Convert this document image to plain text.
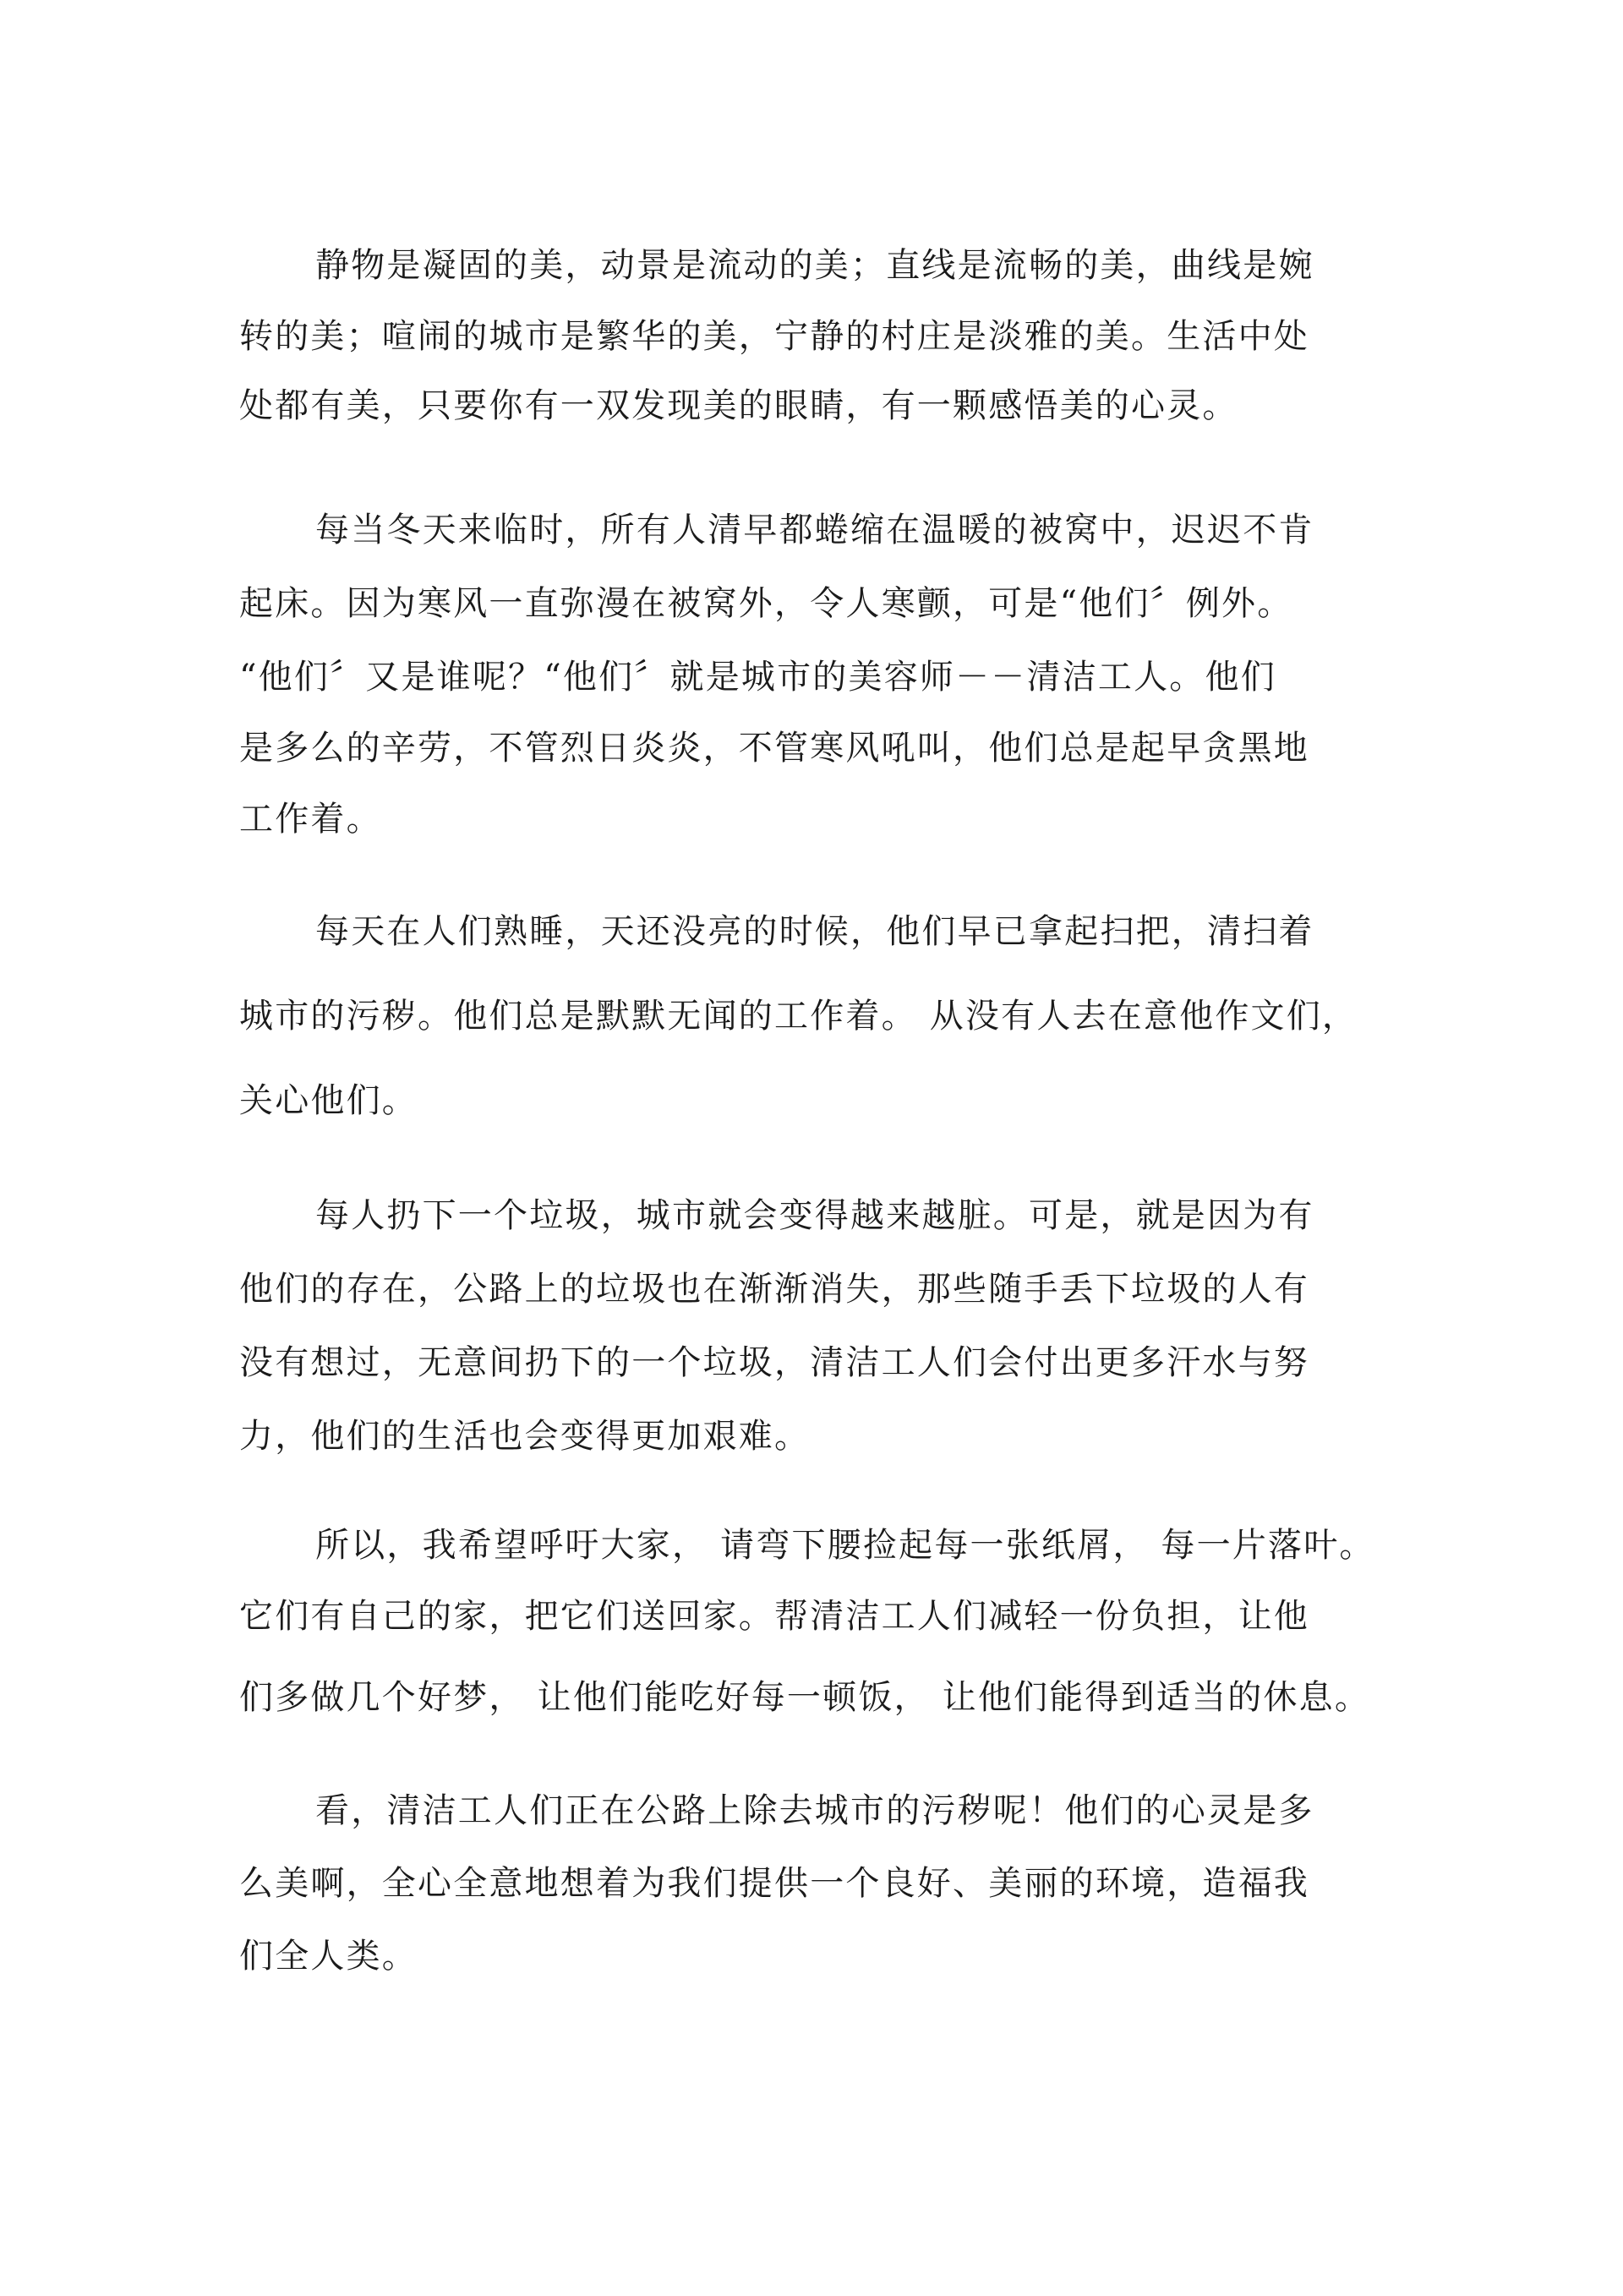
静物是凝固的美，动景是流动的美；直线是流畅的美，曲线是婉
转的美；喧闹的城市是繁华的美，宁静的村庄是淡雅的美。生活中处
处都有美，只要你有一双发现美的眼睛，有一颗感悟美的心灵。
每当冬天来临时，所有人清早都蜷缩在温暖的被窝中，迟迟不肯
起床。因为寒风一直弥漫在被窝外，令人寒颤，可是“他们〞例外。
“他们〞又是谁呢？“他们〞就是城市的美容师－－清洁工人。他们
是多么的辛劳，不管烈日炎炎，不管寒风吼叫，他们总是起早贪黑地
工作着。
每天在人们熟睡，天还没亮的时候，他们早已拿起扫把，清扫着
城市的污秽。他们总是默默无闻的工作着。 从没有人去在意他作文们，
关心他们。
每人扔下一个垃圾，城市就会变得越来越脏。可是，就是因为有
他们的存在，公路上的垃圾也在渐渐消失，那些随手丢下垃圾的人有
没有想过，无意间扔下的一个垃圾，清洁工人们会付出更多汗水与努
力，他们的生活也会变得更加艰难。
所以，我希望呼吁大家， 请弯下腰捡起每一张纸屑， 每一片落叶。
它们有自己的家，把它们送回家。帮清洁工人们减轻一份负担，让他
们多做几个好梦， 让他们能吃好每一顿饭， 让他们能得到适当的休息。
看，清洁工人们正在公路上除去城市的污秽呢！他们的心灵是多
么美啊，全心全意地想着为我们提供一个良好、美丽的环境，造福我
们全人类。
